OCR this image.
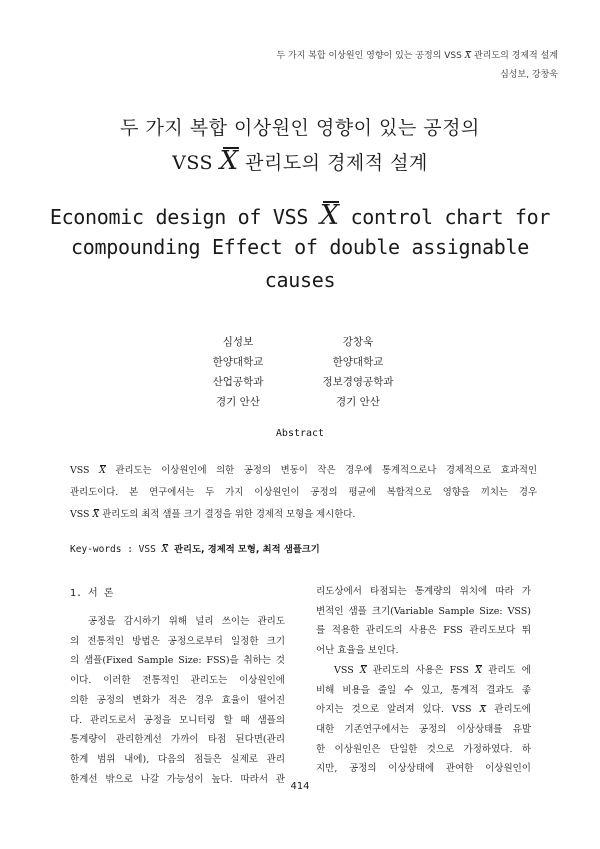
두 가지 복합 이상원인 영향이 있는 공정의 VSS X 관리도의 경제적 설계
심성보, 강창욱
두 가지 복합 이상원인 영향이 있는 공정의
VSS X 관리도의 경제적 설계
Economic design of VSS X control chart for
compounding Effect of double assignable
causes
심성보
한양대학교
산업공학과
경기 안산
강창욱
한양대학교
정보경영공학과
경기 안산
Abstract
VSS X 관리도는 이상원인에 의한 공정의 변동이 작은 경우에 통계적으로나 경제적으로 효과적인
관리도이다. 본 연구에서는 두 가지 이상원인이 공정의 평균에 복합적으로 영향을 끼치는 경우
VSS X 관리도의 최적 샘플 크기 결정을 위한 경제적 모형을 제시한다.
Key-words : VSS X 관리도, 경제적 모형, 최적 샘플크기
1. 서 론

공정을 감시하기 위해 널리 쓰이는 관리도

의 전통적인 방법은 공정으로부터 일정한 크기

의 샘플(Fixed Sample Size: FSS)을 취하는 것

이다. 이러한 전통적인 관리도는 이상원인에

의한 공정의 변화가 적은 경우 효율이 떨어진

다. 관리도로서 공정을 모니터링 할 때 샘플의

통계량이 관리한계선 가까이 타점 된다면(관리

한계 범위 내에), 다음의 점들은 실제로 관리

한계선 밖으로 나갈 가능성이 높다. 따라서 관

리도상에서 타점되는 통계량의 위치에 따라 가

변적인 샘플 크기(Variable Sample Size: VSS)

를 적용한 관리도의 사용은 FSS 관리도보다 뛰

어난 효율을 보인다.

VSS X 관리도의 사용은 FSS X 관리도 에

비해 비용을 줄일 수 있고, 통계적 결과도 좋

아지는 것으로 알려져 있다. VSS X 관리도에

대한 기존연구에서는 공정의 이상상태를 유발

한 이상원인은 단일한 것으로 가정하였다. 하

지만, 공정의 이상상태에 관여한 이상원인이

414
